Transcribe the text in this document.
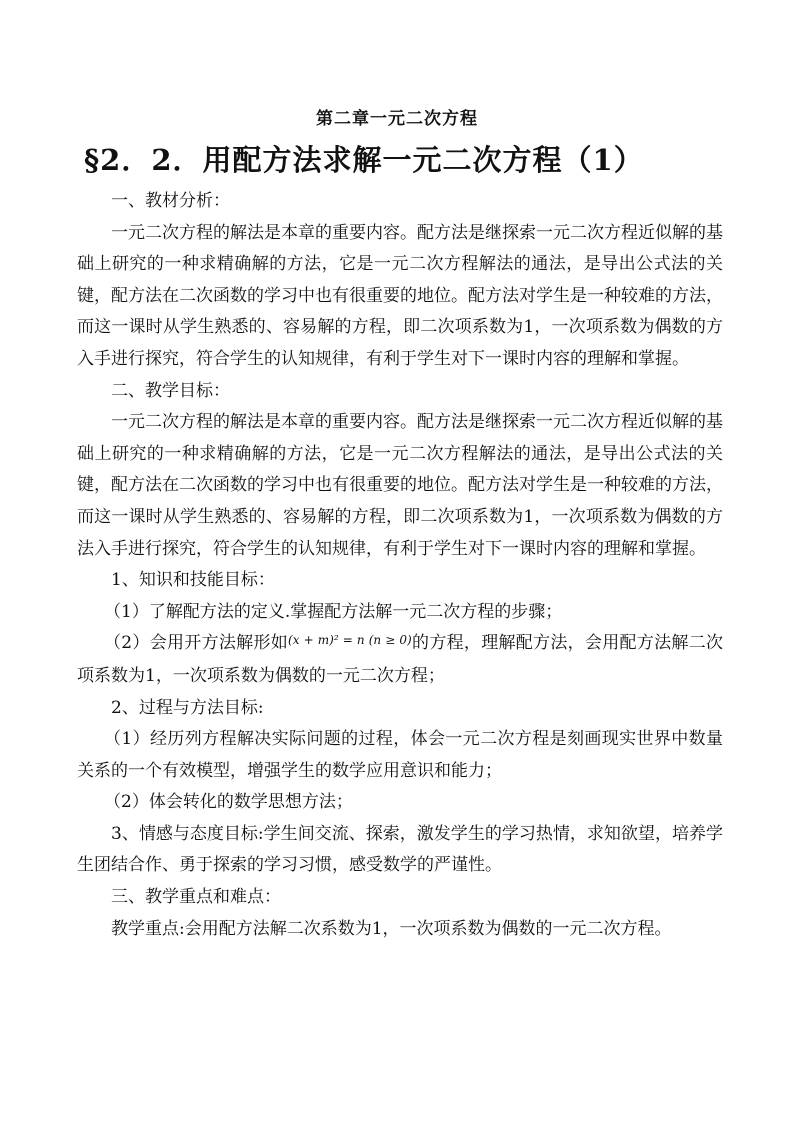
第二章一元二次方程
§2．2．用配方法求解一元二次方程（1）

一、教材分析：

一元二次方程的解法是本章的重要内容。配方法是继探索一元二次方程近似解的基础上研究的一种求精确解的方法，它是一元二次方程解法的通法，是导出公式法的关键，配方法在二次函数的学习中也有很重要的地位。配方法对学生是一种较难的方法，而这一课时从学生熟悉的、容易解的方程，即二次项系数为1，一次项系数为偶数的方入手进行探究，符合学生的认知规律，有利于学生对下一课时内容的理解和掌握。

二、教学目标：

一元二次方程的解法是本章的重要内容。配方法是继探索一元二次方程近似解的基础上研究的一种求精确解的方法，它是一元二次方程解法的通法，是导出公式法的关键，配方法在二次函数的学习中也有很重要的地位。配方法对学生是一种较难的方法，而这一课时从学生熟悉的、容易解的方程，即二次项系数为1，一次项系数为偶数的方法入手进行探究，符合学生的认知规律，有利于学生对下一课时内容的理解和掌握。

1、知识和技能目标：

（1）了解配方法的定义.掌握配方法解一元二次方程的步骤；

（2）会用开方法解形如$^{(x + m)^2 = n (n \ge 0)}$的方程，理解配方法，会用配方法解二次项系数为1，一次项系数为偶数的一元二次方程；

2、过程与方法目标:

（1）经历列方程解决实际问题的过程，体会一元二次方程是刻画现实世界中数量关系的一个有效模型，增强学生的数学应用意识和能力；

（2）体会转化的数学思想方法；

3、情感与态度目标:学生间交流、探索，激发学生的学习热情，求知欲望，培养学生团结合作、勇于探索的学习习惯，感受数学的严谨性。

三、教学重点和难点：

教学重点:会用配方法解二次系数为1，一次项系数为偶数的一元二次方程。
